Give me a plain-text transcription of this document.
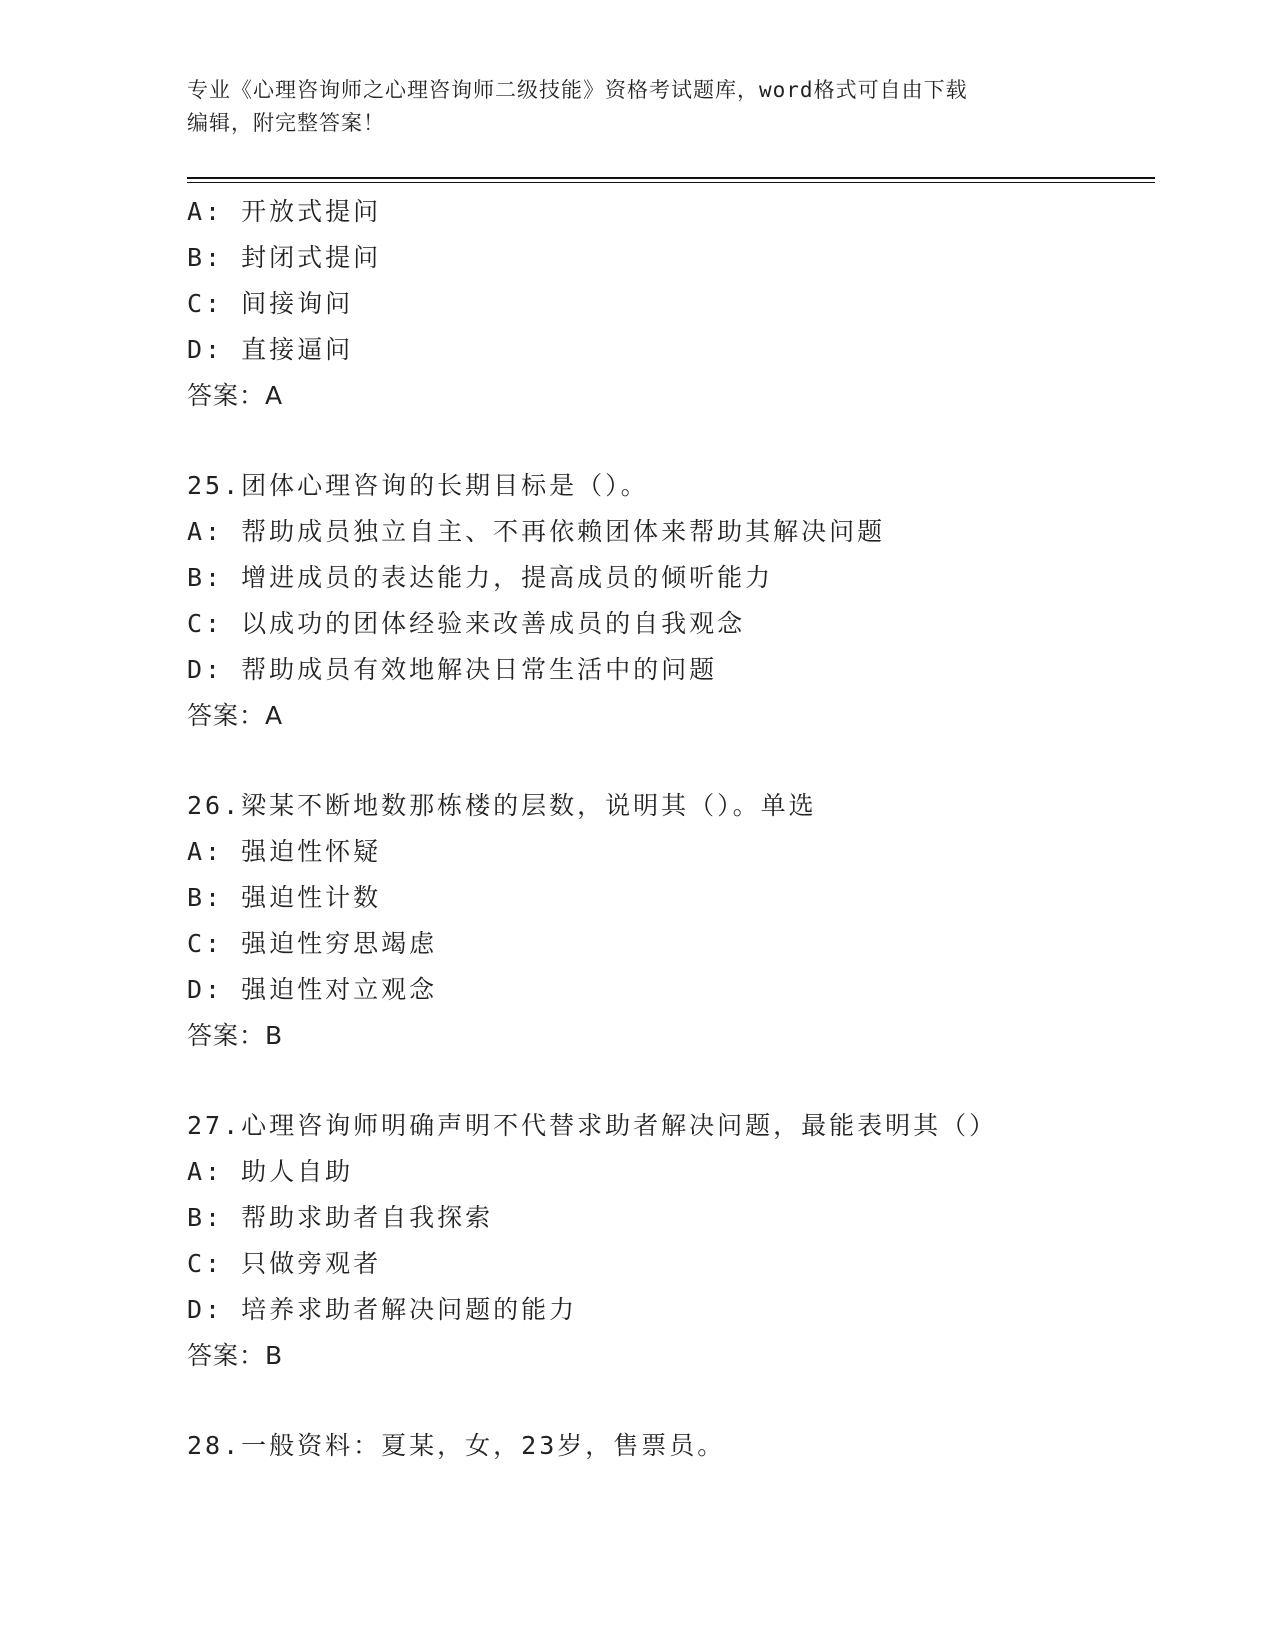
专业《心理咨询师之心理咨询师二级技能》资格考试题库，word格式可自由下载
编辑，附完整答案！
A: 开放式提问
B: 封闭式提问
C: 间接询问
D: 直接逼问
答案：A
25.团体心理咨询的长期目标是（）。
A: 帮助成员独立自主、不再依赖团体来帮助其解决问题
B: 增进成员的表达能力，提高成员的倾听能力
C: 以成功的团体经验来改善成员的自我观念
D: 帮助成员有效地解决日常生活中的问题
答案：A
26.梁某不断地数那栋楼的层数，说明其（）。单选
A: 强迫性怀疑
B: 强迫性计数
C: 强迫性穷思竭虑
D: 强迫性对立观念
答案：B
27.心理咨询师明确声明不代替求助者解决问题，最能表明其（）
A: 助人自助
B: 帮助求助者自我探索
C: 只做旁观者
D: 培养求助者解决问题的能力
答案：B
28.一般资料：夏某，女，23岁，售票员。
